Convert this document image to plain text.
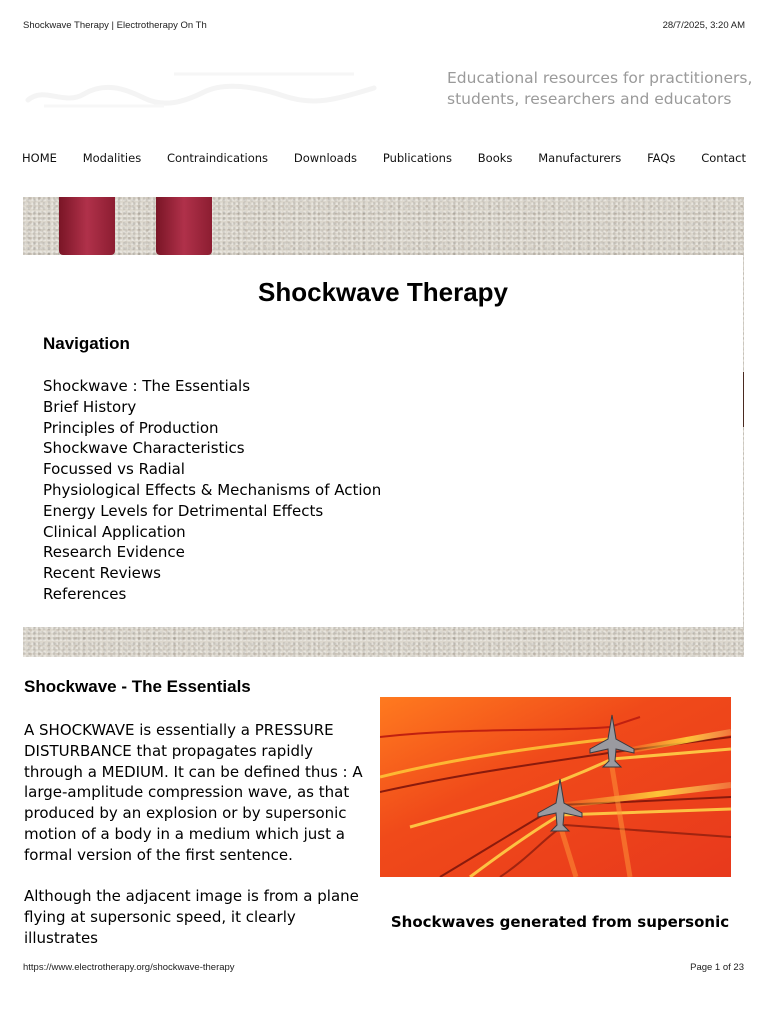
Shockwave Therapy | Electrotherapy On Th	28/7/2025, 3:20 AM
Educational resources for practitioners, students, researchers and educators
HOME Modalities Contraindications Downloads Publications Books Manufacturers FAQs Contact
Shockwave Therapy
Navigation
Shockwave : The Essentials
Brief History
Principles of Production
Shockwave Characteristics
Focussed vs Radial
Physiological Effects & Mechanisms of Action
Energy Levels for Detrimental Effects
Clinical Application
Research Evidence
Recent Reviews
References
Shockwave - The Essentials

A SHOCKWAVE is essentially a PRESSURE DISTURBANCE that propagates rapidly through a MEDIUM. It can be defined thus : A large-amplitude compression wave, as that produced by an explosion or by supersonic motion of a body in a medium which just a formal version of the first sentence.

Although the adjacent image is from a plane flying at supersonic speed, it clearly illustrates

Shockwaves generated from supersonic
https://www.electrotherapy.org/shockwave-therapy	Page 1 of 23
